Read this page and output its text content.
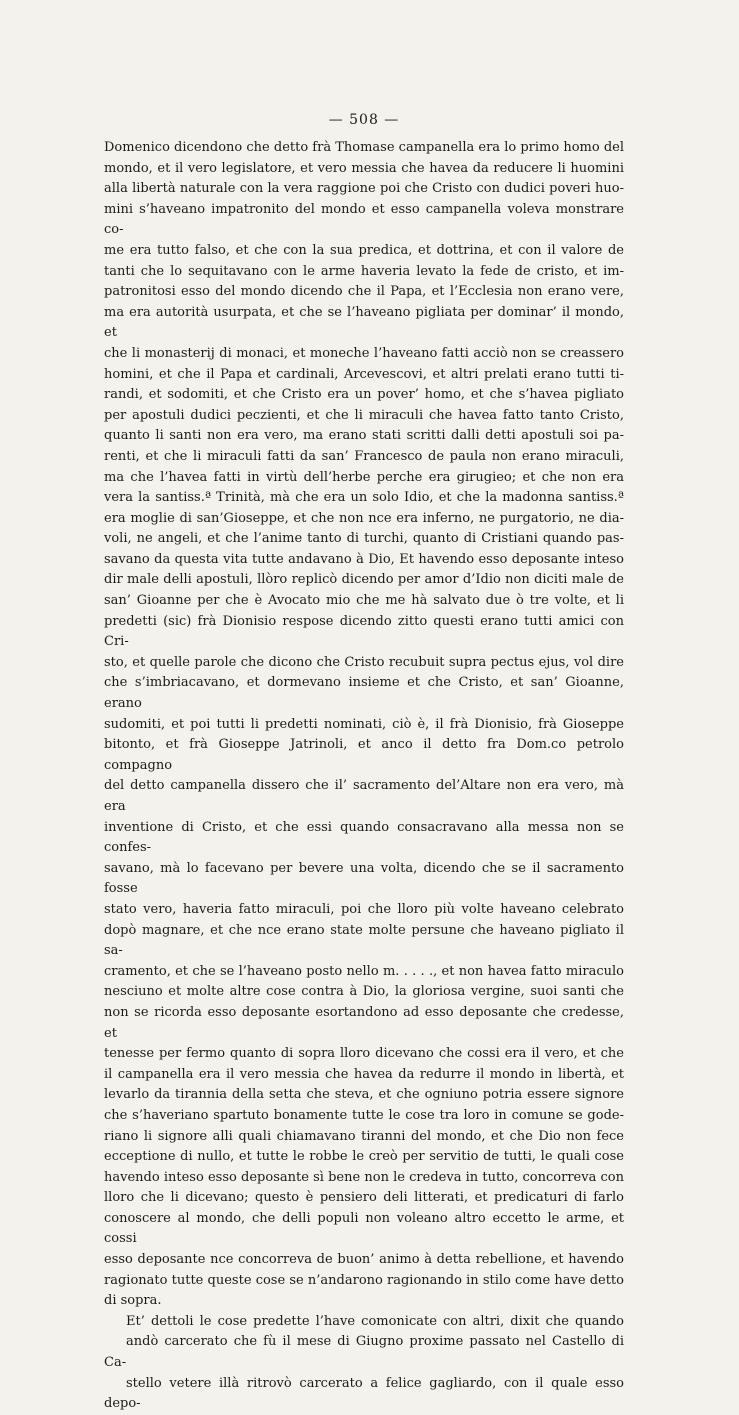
— 508 —

Domenico dicendono che detto frà Thomase campanella era lo primo homo del
mondo, et il vero legislatore, et vero messia che havea da reducere li huomini
alla libertà naturale con la vera raggione poi che Cristo con dudici poveri huo-
mini s’haveano impatronito del mondo et esso campanella voleva monstrare co-
me era tutto falso, et che con la sua predica, et dottrina, et con il valore de
tanti che lo sequitavano con le arme haveria levato la fede de cristo, et im-
patronitosi esso del mondo dicendo che il Papa, et l’Ecclesia non erano vere,
ma era autorità usurpata, et che se l’haveano pigliata per dominar’ il mondo, et
che li monasterij di monaci, et moneche l’haveano fatti acciò non se creassero
homini, et che il Papa et cardinali, Arcevescovi, et altri prelati erano tutti ti-
randi, et sodomiti, et che Cristo era un pover’ homo, et che s’havea pigliato
per apostuli dudici peczienti, et che li miraculi che havea fatto tanto Cristo,
quanto li santi non era vero, ma erano stati scritti dalli detti apostuli soi pa-
renti, et che li miraculi fatti da san’ Francesco de paula non erano miraculi,
ma che l’havea fatti in virtù dell’herbe perche era girugieo; et che non era
vera la santiss.ª Trinità, mà che era un solo Idio, et che la madonna santiss.ª
era moglie di san’Gioseppe, et che non nce era inferno, ne purgatorio, ne dia-
voli, ne angeli, et che l’anime tanto di turchi, quanto di Cristiani quando pas-
savano da questa vita tutte andavano à Dio, Et havendo esso deposante inteso
dir male delli apostuli, llòro replicò dicendo per amor d’Idio non diciti male de
san’ Gioanne per che è Avocato mio che me hà salvato due ò tre volte, et li
predetti (sic) frà Dionisio respose dicendo zitto questi erano tutti amici con Cri-
sto, et quelle parole che dicono che Cristo recubuit supra pectus ejus, vol dire
che s’imbriacavano, et dormevano insieme et che Cristo, et san’ Gioanne, erano
sudomiti, et poi tutti li predetti nominati, ciò è, il frà Dionisio, frà Gioseppe
bitonto, et frà Gioseppe Jatrinoli, et anco il detto fra Dom.co petrolo compagno
del detto campanella dissero che il’ sacramento del’Altare non era vero, mà era
inventione di Cristo, et che essi quando consacravano alla messa non se confes-
savano, mà lo facevano per bevere una volta, dicendo che se il sacramento fosse
stato vero, haveria fatto miraculi, poi che lloro più volte haveano celebrato
dopò magnare, et che nce erano state molte persune che haveano pigliato il sa-
cramento, et che se l’haveano posto nello m. . . . ., et non havea fatto miraculo
nesciuno et molte altre cose contra à Dio, la gloriosa vergine, suoi santi che
non se ricorda esso deposante esortandono ad esso deposante che credesse, et
tenesse per fermo quanto di sopra lloro dicevano che cossi era il vero, et che
il campanella era il vero messia che havea da redurre il mondo in libertà, et
levarlo da tirannia della setta che steva, et che ogniuno potria essere signore
che s’haveriano spartuto bonamente tutte le cose tra loro in comune se gode-
riano li signore alli quali chiamavano tiranni del mondo, et che Dio non fece
ecceptione di nullo, et tutte le robbe le creò per servitio de tutti, le quali cose
havendo inteso esso deposante sì bene non le credeva in tutto, concorreva con
lloro che li dicevano; questo è pensiero deli litterati, et predicaturi di farlo
conoscere al mondo, che delli populi non voleano altro eccetto le arme, et cossi
esso deposante nce concorreva de buon’ animo à detta rebellione, et havendo
ragionato tutte queste cose se n’andarono ragionando in stilo come have detto
di sopra.

Et’ dettoli le cose predette l’have comonicate con altri, dixit che quando
andò carcerato che fù il mese di Giugno proxime passato nel Castello di Ca-
stello vetere illà ritrovò carcerato a felice gagliardo, con il quale esso depo-
